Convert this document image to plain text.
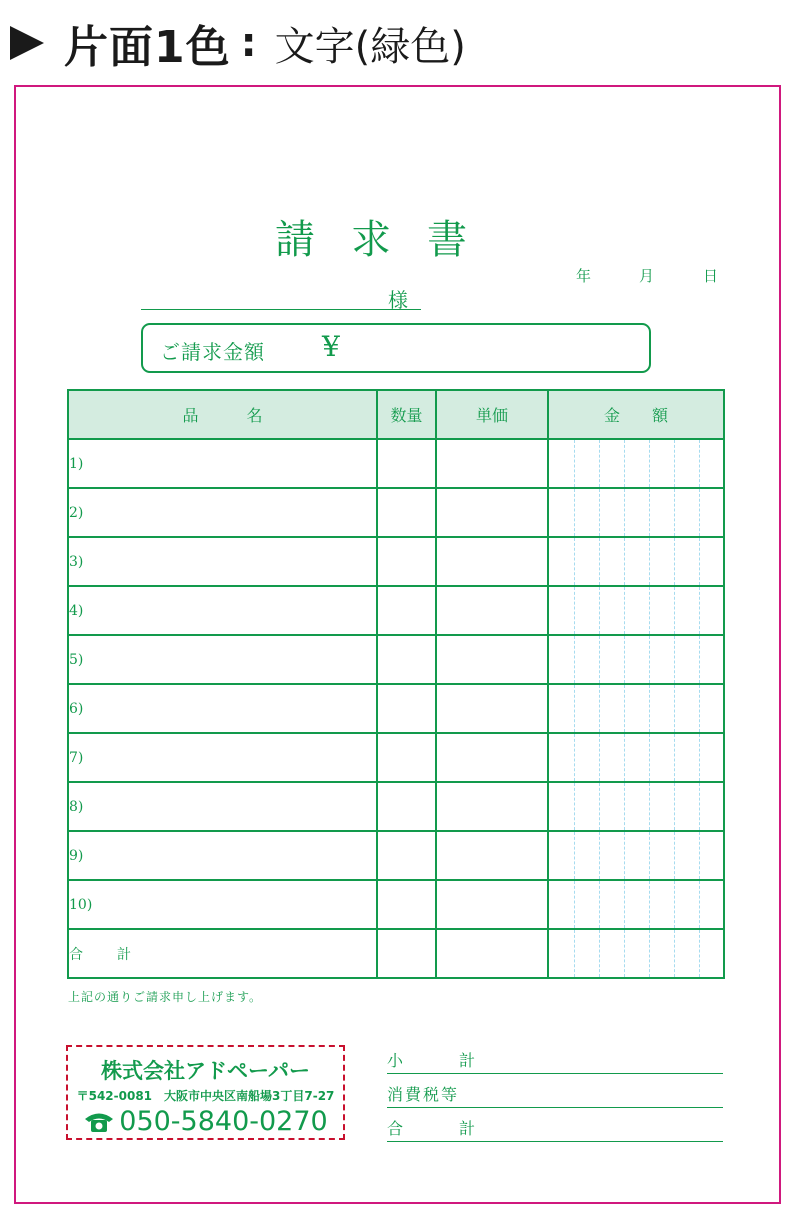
片面1色 : 文字(緑色)
請求書
年	月	日
様
ご請求金額 ¥
品　　　名	数量	単価	金　　額
1)			

2)			

3)			

4)			

5)			

6)			

7)			

8)			

9)			

10)			

合　　計			
上記の通りご請求申し上げます。
株式会社アドペーパー
〒542-0081　大阪市中央区南船場3丁目7-27
050-5840-0270
小　　　計
消費税等
合　　　計
